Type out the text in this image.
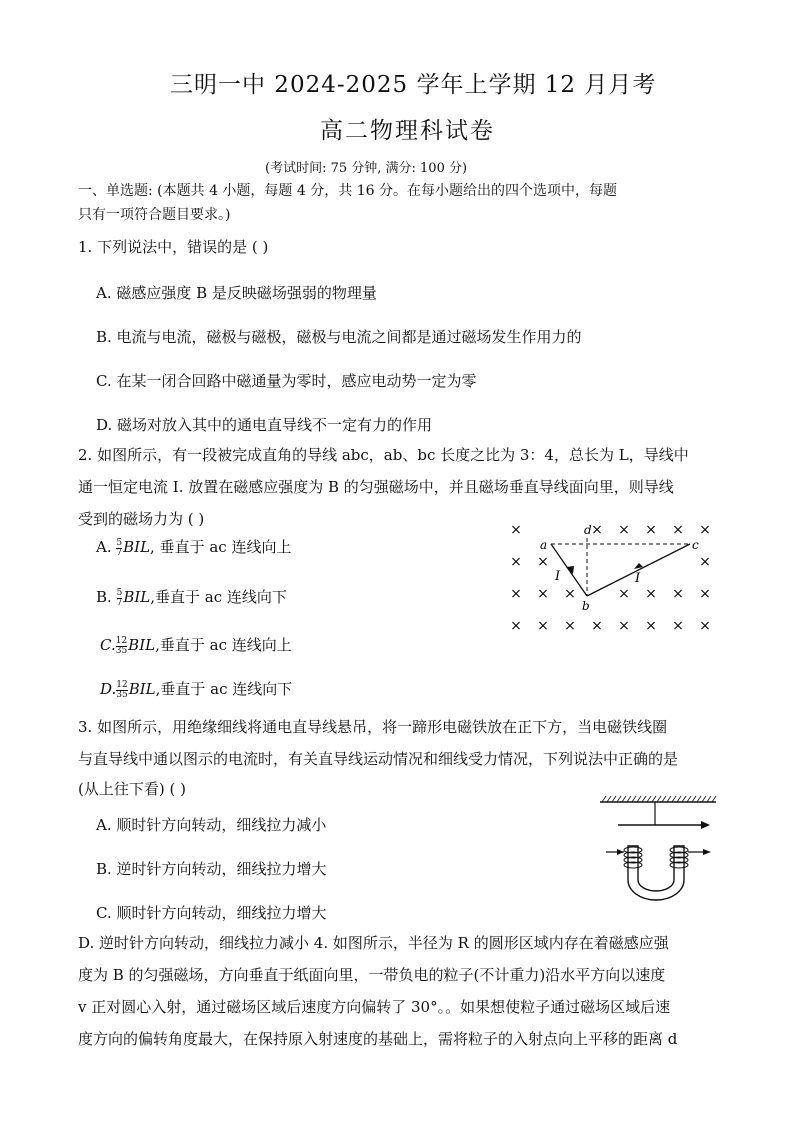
三明一中 2024-2025 学年上学期 12 月月考
高二物理科试卷
(考试时间: 75 分钟, 满分: 100 分)
一、单选题: (本题共 4 小题，每题 4 分，共 16 分。在每小题给出的四个选项中，每题
只有一项符合题目要求。)
1. 下列说法中，错误的是 ( )
A. 磁感应强度 B 是反映磁场强弱的物理量
B. 电流与电流，磁极与磁极，磁极与电流之间都是通过磁场发生作用力的
C. 在某一闭合回路中磁通量为零时，感应电动势一定为零
D. 磁场对放入其中的通电直导线不一定有力的作用
2. 如图所示，有一段被完成直角的导线 abc，ab、bc 长度之比为 3：4，总长为 L，导线中
通一恒定电流 I. 放置在磁感应强度为 B 的匀强磁场中，并且磁场垂直导线面向里，则导线
受到的磁场力为 ( )
A. $\frac{5}{7}$ BIL, 垂直于 ac 连线向上
B. $\frac{5}{7}$ BIL,垂直于 ac 连线向下
C. $\frac{12}{35}$ BIL,垂直于 ac 连线向上
D. $\frac{12}{35}$ BIL,垂直于 ac 连线向下
×	× × × × ×
× ×	×
× × ×	× × × ×
× × × × × × × ×
a
d
c
b
I	I
3. 如图所示，用绝缘细线将通电直导线悬吊，将一蹄形电磁铁放在正下方，当电磁铁线圈
与直导线中通以图示的电流时，有关直导线运动情况和细线受力情况，下列说法中正确的是
(从上往下看) ( )
A. 顺时针方向转动，细线拉力减小
B. 逆时针方向转动，细线拉力增大
C. 顺时针方向转动，细线拉力增大
D. 逆时针方向转动，细线拉力减小 4. 如图所示，半径为 R 的圆形区域内存在着磁感应强
度为 B 的匀强磁场，方向垂直于纸面向里，一带负电的粒子(不计重力)沿水平方向以速度
v 正对圆心入射，通过磁场区域后速度方向偏转了 30°。。如果想使粒子通过磁场区域后速
度方向的偏转角度最大，在保持原入射速度的基础上，需将粒子的入射点向上平移的距离 d
